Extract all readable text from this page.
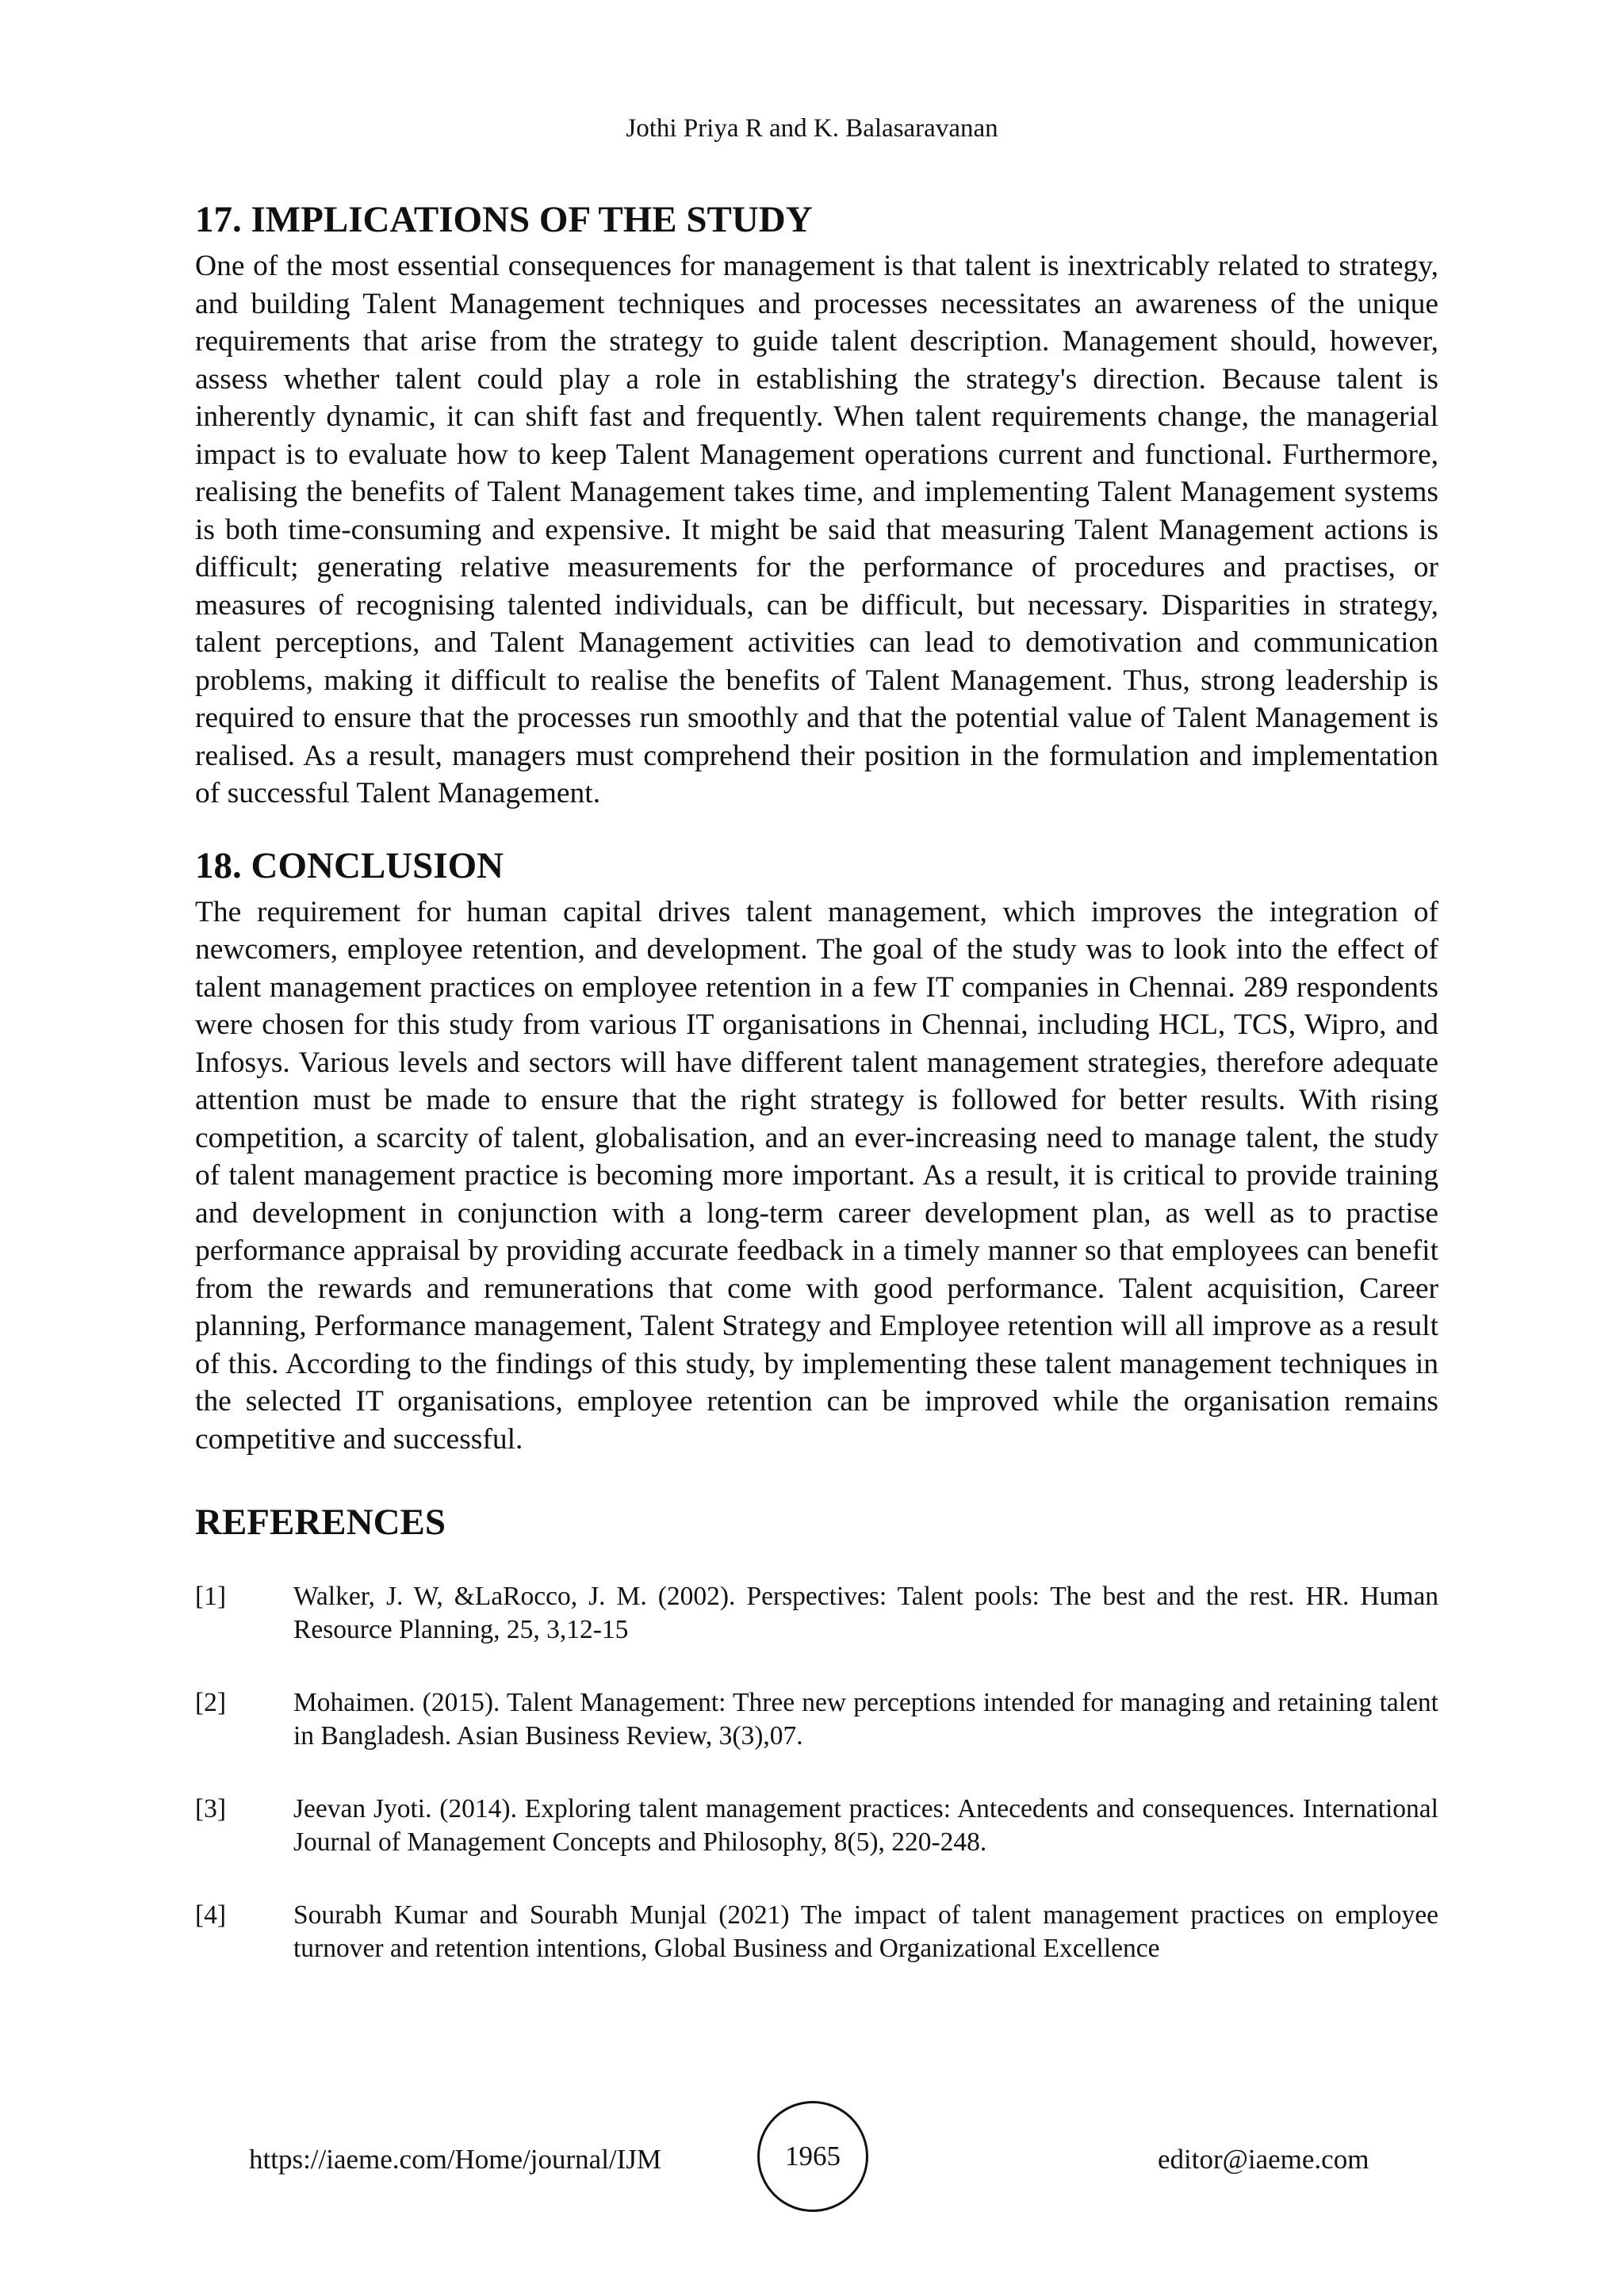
Jothi Priya R and K. Balasaravanan
17. IMPLICATIONS OF THE STUDY

One of the most essential consequences for management is that talent is inextricably related to strategy, and building Talent Management techniques and processes necessitates an awareness of the unique requirements that arise from the strategy to guide talent description. Management should, however, assess whether talent could play a role in establishing the strategy's direction. Because talent is inherently dynamic, it can shift fast and frequently. When talent requirements change, the managerial impact is to evaluate how to keep Talent Management operations current and functional. Furthermore, realising the benefits of Talent Management takes time, and implementing Talent Management systems is both time-consuming and expensive. It might be said that measuring Talent Management actions is difficult; generating relative measurements for the performance of procedures and practises, or measures of recognising talented individuals, can be difficult, but necessary. Disparities in strategy, talent perceptions, and Talent Management activities can lead to demotivation and communication problems, making it difficult to realise the benefits of Talent Management. Thus, strong leadership is required to ensure that the processes run smoothly and that the potential value of Talent Management is realised. As a result, managers must comprehend their position in the formulation and implementation of successful Talent Management.

18. CONCLUSION

The requirement for human capital drives talent management, which improves the integration of newcomers, employee retention, and development. The goal of the study was to look into the effect of talent management practices on employee retention in a few IT companies in Chennai. 289 respondents were chosen for this study from various IT organisations in Chennai, including HCL, TCS, Wipro, and Infosys. Various levels and sectors will have different talent management strategies, therefore adequate attention must be made to ensure that the right strategy is followed for better results. With rising competition, a scarcity of talent, globalisation, and an ever-increasing need to manage talent, the study of talent management practice is becoming more important. As a result, it is critical to provide training and development in conjunction with a long-term career development plan, as well as to practise performance appraisal by providing accurate feedback in a timely manner so that employees can benefit from the rewards and remunerations that come with good performance. Talent acquisition, Career planning, Performance management, Talent Strategy and Employee retention will all improve as a result of this. According to the findings of this study, by implementing these talent management techniques in the selected IT organisations, employee retention can be improved while the organisation remains competitive and successful.

REFERENCES
[1]	Walker, J. W, &LaRocco, J. M. (2002). Perspectives: Talent pools: The best and the rest. HR. Human Resource Planning, 25, 3,12-15
[2]	Mohaimen. (2015). Talent Management: Three new perceptions intended for managing and retaining talent in Bangladesh. Asian Business Review, 3(3),07.
[3]	Jeevan Jyoti. (2014). Exploring talent management practices: Antecedents and consequences. International Journal of Management Concepts and Philosophy, 8(5), 220-248.
[4]	Sourabh Kumar and Sourabh Munjal (2021) The impact of talent management practices on employee turnover and retention intentions, Global Business and Organizational Excellence
https://iaeme.com/Home/journal/IJM	1965	editor@iaeme.com
